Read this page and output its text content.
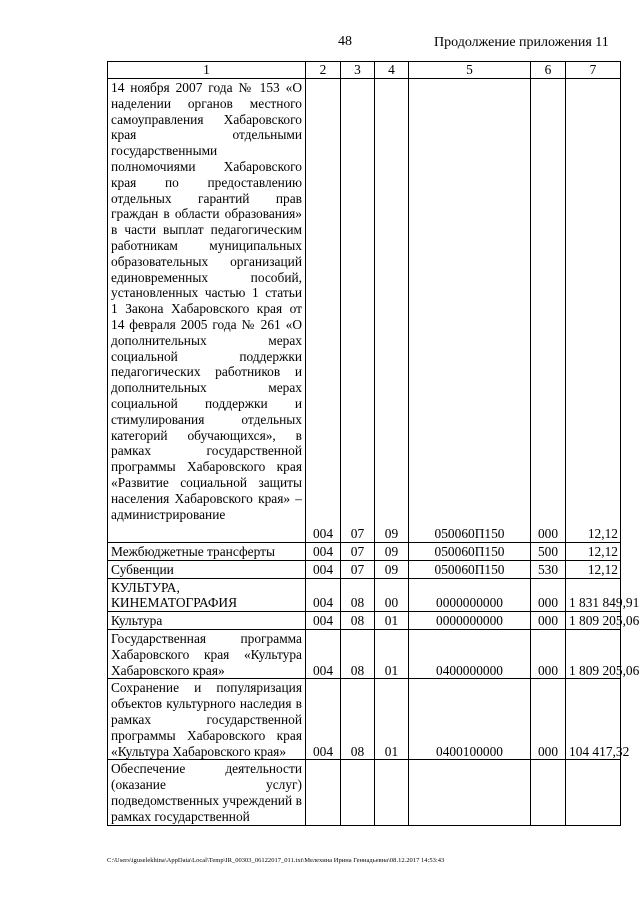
48	Продолжение приложения 11
1	2	3	4	5	6	7
14 ноября 2007 года № 153 «О наделении органов местного самоуправления Хабаровского края отдельными государственными полномочиями Хабаровского края по предоставлению отдельных гарантий прав граждан в области образования» в части выплат педагогическим работникам муниципальных образовательных организаций единовременных пособий, установленных частью 1 статьи 1 Закона Хабаровского края от 14 февраля 2005 года № 261 «О дополнительных мерах социальной поддержки педагогических работников и дополнительных мерах социальной поддержки и стимулирования отдельных категорий обучающихся», в рамках государственной программы Хабаровского края «Развитие социальной защиты населения Хабаровского края» – администрирование	004	07	09	050060П150	000	12,12
Межбюджетные трансферты	004	07	09	050060П150	500	12,12
Субвенции	004	07	09	050060П150	530	12,12
КУЛЬТУРА, КИНЕМАТОГРАФИЯ	004	08	00	0000000000	000	1 831 849,91
Культура	004	08	01	0000000000	000	1 809 205,06
Государственная программа Хабаровского края «Культура Хабаровского края»	004	08	01	0400000000	000	1 809 205,06
Сохранение и популяризация объектов культурного наследия в рамках государственной программы Хабаровского края «Культура Хабаровского края»	004	08	01	0400100000	000	104 417,32
Обеспечение деятельности (оказание услуг) подведомственных учреждений в рамках государственной						
C:\Users\iguselekhina\AppData\Local\Temp\IR_00303_06122017_011.txt\Мелехина Ирина Геннадьевна\08.12.2017 14:53:43
